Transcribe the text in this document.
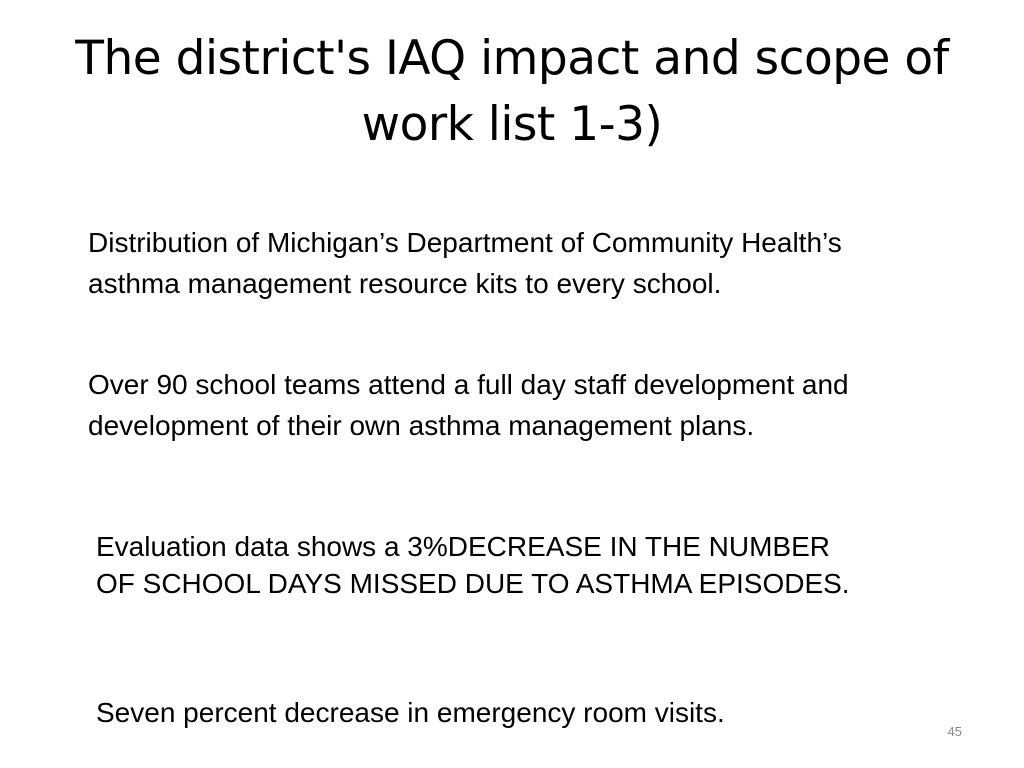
The district's IAQ impact and scope of work list 1-3)

Distribution of Michigan’s Department of Community Health’s asthma management resource kits to every school.

Over 90 school teams attend a full day staff development and development of their own asthma management plans.

Evaluation data shows a 3%DECREASE IN THE NUMBER OF SCHOOL DAYS MISSED DUE TO ASTHMA EPISODES.

Seven percent decrease in emergency room visits.

45
